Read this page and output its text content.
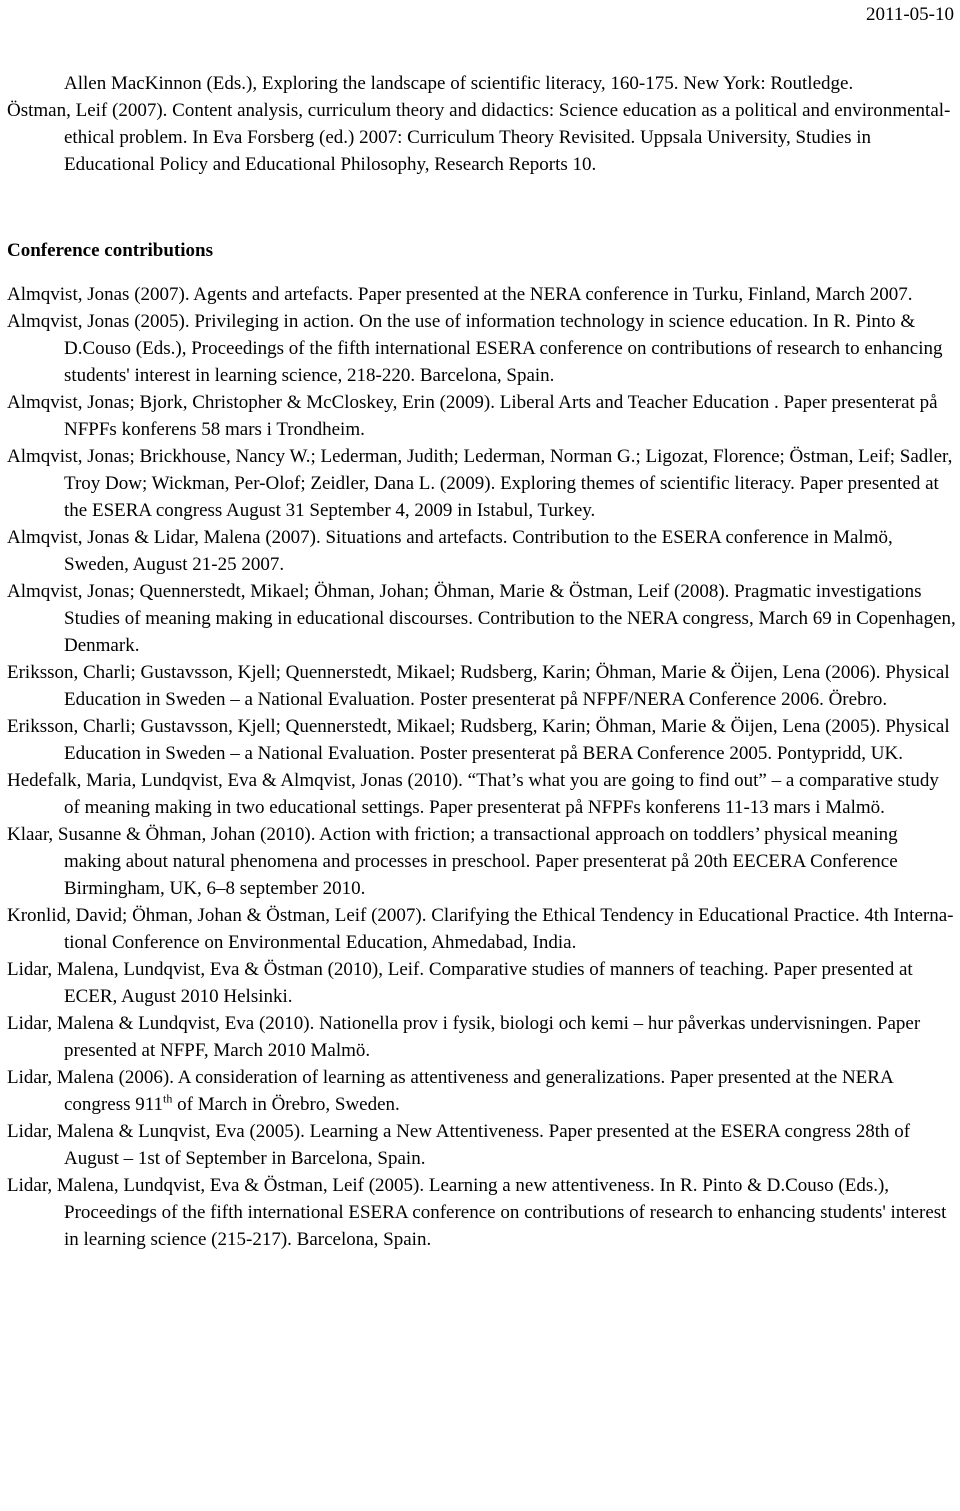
2011-05-10

Allen MacKinnon (Eds.), Exploring the landscape of scientific literacy, 160-175. New York: Routledge.

Östman, Leif (2007). Content analysis, curriculum theory and didactics: Science education as a political and environmental-ethical problem. In Eva Forsberg (ed.) 2007: Curriculum Theory Revisited. Uppsala University, Studies in Educational Policy and Educational Philosophy, Research Reports 10.

Conference contributions

Almqvist, Jonas (2007). Agents and artefacts. Paper presented at the NERA conference in Turku, Finland, March 2007.

Almqvist, Jonas (2005). Privileging in action. On the use of information technology in science education. In R. Pinto & D.Couso (Eds.), Proceedings of the fifth international ESERA conference on contributions of research to enhancing students' interest in learning science, 218-220. Barcelona, Spain.

Almqvist, Jonas; Bjork, Christopher & McCloskey, Erin (2009). Liberal Arts and Teacher Education . Paper presenterat på NFPFs konferens 58 mars i Trondheim.

Almqvist, Jonas; Brickhouse, Nancy W.; Lederman, Judith; Lederman, Norman G.; Ligozat, Florence; Östman, Leif; Sadler, Troy Dow; Wickman, Per-Olof; Zeidler, Dana L. (2009). Exploring themes of scientific literacy. Paper presented at the ESERA congress August 31 September 4, 2009 in Istabul, Turkey.

Almqvist, Jonas & Lidar, Malena (2007). Situations and artefacts. Contribution to the ESERA conference in Malmö, Sweden, August 21-25 2007.

Almqvist, Jonas; Quennerstedt, Mikael; Öhman, Johan; Öhman, Marie & Östman, Leif (2008). Pragmatic investigations Studies of meaning making in educational discourses. Contribution to the NERA congress, March 69 in Copenhagen, Denmark.

Eriksson, Charli; Gustavsson, Kjell; Quennerstedt, Mikael; Rudsberg, Karin; Öhman, Marie & Öijen, Lena (2006). Physical Education in Sweden – a National Evaluation. Poster presenterat på NFPF/NERA Conference 2006. Örebro.

Eriksson, Charli; Gustavsson, Kjell; Quennerstedt, Mikael; Rudsberg, Karin; Öhman, Marie & Öijen, Lena (2005). Physical Education in Sweden – a National Evaluation. Poster presenterat på BERA Conference 2005. Pontypridd, UK.

Hedefalk, Maria, Lundqvist, Eva & Almqvist, Jonas (2010). “That’s what you are going to find out” – a comparative study of meaning making in two educational settings. Paper presenterat på NFPFs konferens 11-13 mars i Malmö.

Klaar, Susanne & Öhman, Johan (2010). Action with friction; a transactional approach on toddlers’ physical meaning making about natural phenomena and processes in preschool. Paper presenterat på 20th EECERA Conference Birmingham, UK, 6–8 september 2010.

Kronlid, David; Öhman, Johan & Östman, Leif (2007). Clarifying the Ethical Tendency in Educational Practice. 4th Interna-tional Conference on Environmental Education, Ahmedabad, India.

Lidar, Malena, Lundqvist, Eva & Östman (2010), Leif. Comparative studies of manners of teaching. Paper presented at ECER, August 2010 Helsinki.

Lidar, Malena & Lundqvist, Eva (2010). Nationella prov i fysik, biologi och kemi – hur påverkas undervisningen. Paper presented at NFPF, March 2010 Malmö.

Lidar, Malena (2006). A consideration of learning as attentiveness and generalizations. Paper presented at the NERA congress 911th of March in Örebro, Sweden.

Lidar, Malena & Lunqvist, Eva (2005). Learning a New Attentiveness. Paper presented at the ESERA congress 28th of August – 1st of September in Barcelona, Spain.

Lidar, Malena, Lundqvist, Eva & Östman, Leif (2005). Learning a new attentiveness. In R. Pinto & D.Couso (Eds.), Proceedings of the fifth international ESERA conference on contributions of research to enhancing students' interest in learning science (215-217). Barcelona, Spain.
